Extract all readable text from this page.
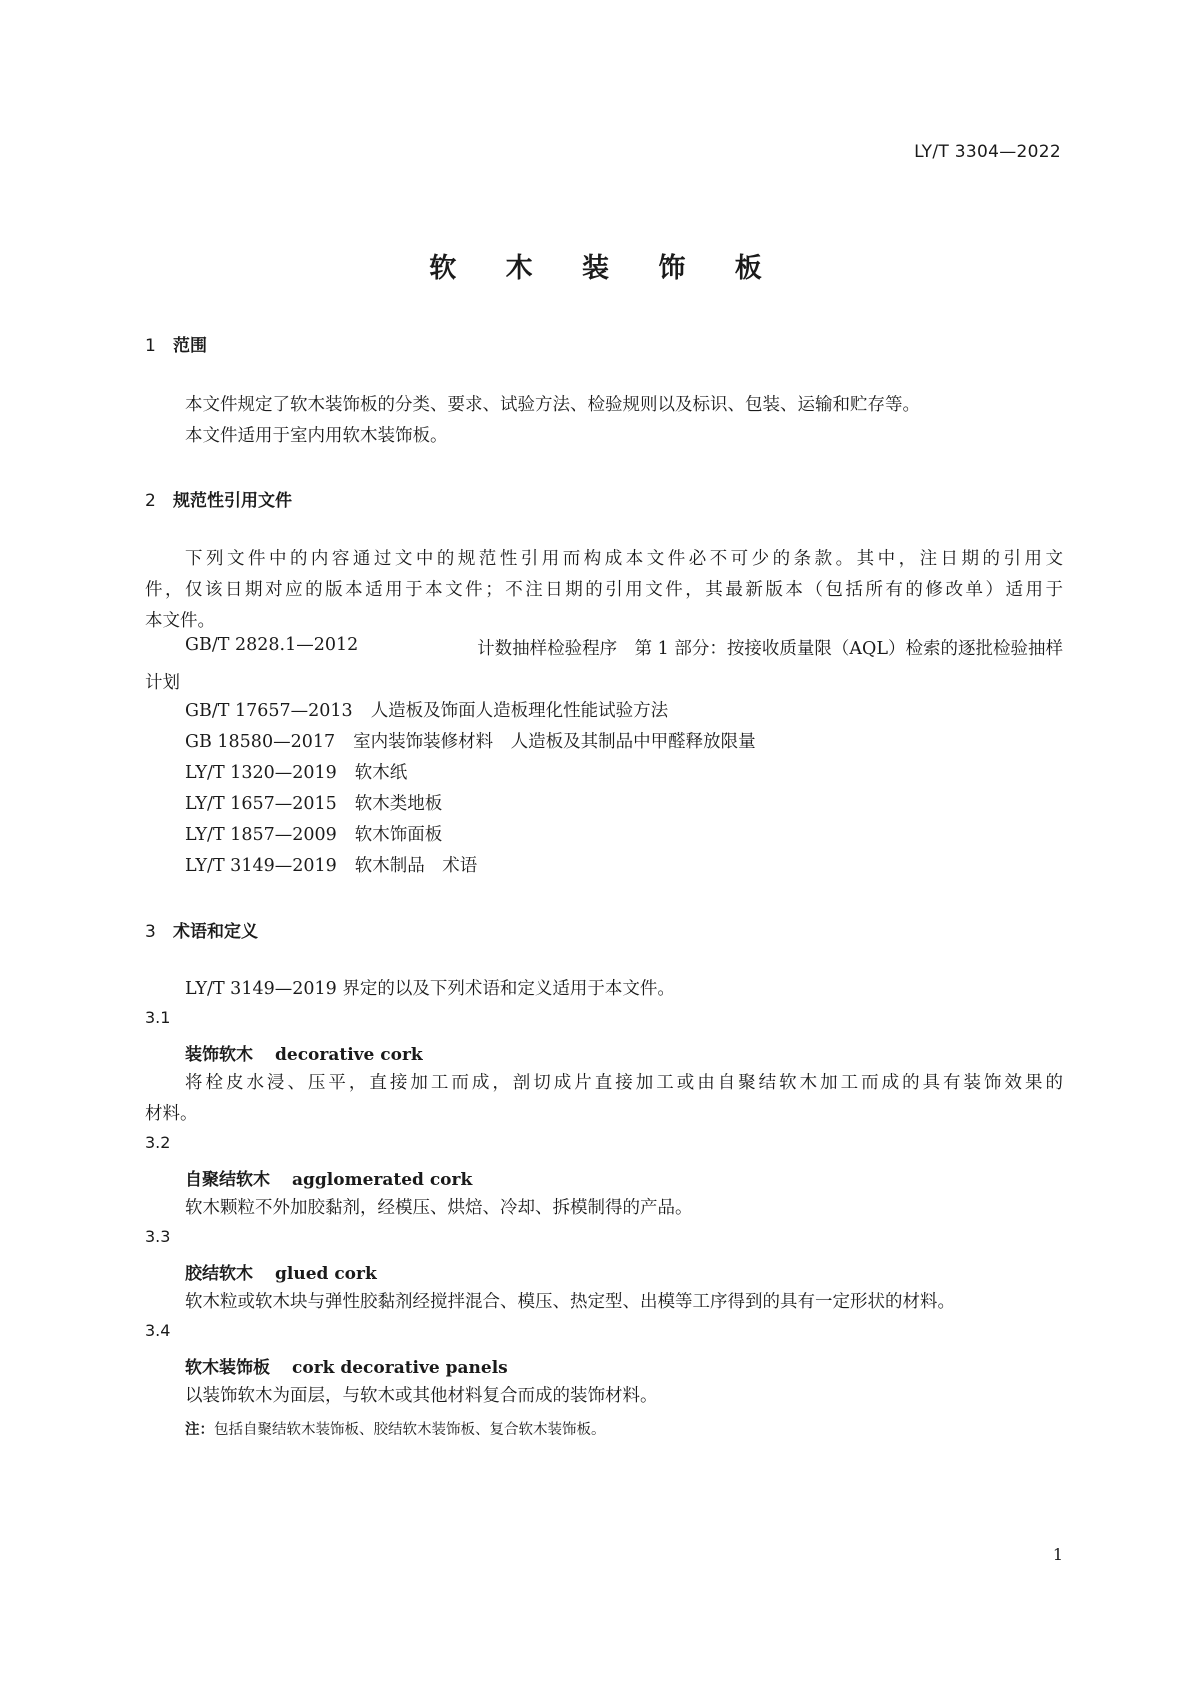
LY/T 3304—2022
软 木 装 饰 板
1 范围
本文件规定了软木装饰板的分类、要求、试验方法、检验规则以及标识、包装、运输和贮存等。
本文件适用于室内用软木装饰板。
2 规范性引用文件
下列文件中的内容通过文中的规范性引用而构成本文件必不可少的条款。其中，注日期的引用文
件，仅该日期对应的版本适用于本文件；不注日期的引用文件，其最新版本（包括所有的修改单）适用于
本文件。
GB/T 2828.1—2012	计数抽样检验程序　第 1 部分：按接收质量限（AQL）检索的逐批检验抽样
计划
GB/T 17657—2013 人造板及饰面人造板理化性能试验方法
GB 18580—2017 室内装饰装修材料　人造板及其制品中甲醛释放限量
LY/T 1320—2019 软木纸
LY/T 1657—2015 软木类地板
LY/T 1857—2009 软木饰面板
LY/T 3149—2019 软木制品　术语
3 术语和定义
LY/T 3149—2019 界定的以及下列术语和定义适用于本文件。
3.1
装饰软木 decorative cork
将栓皮水浸、压平，直接加工而成，剖切成片直接加工或由自聚结软木加工而成的具有装饰效果的
材料。
3.2
自聚结软木 agglomerated cork
软木颗粒不外加胶黏剂，经模压、烘焙、冷却、拆模制得的产品。
3.3
胶结软木 glued cork
软木粒或软木块与弹性胶黏剂经搅拌混合、模压、热定型、出模等工序得到的具有一定形状的材料。
3.4
软木装饰板 cork decorative panels
以装饰软木为面层，与软木或其他材料复合而成的装饰材料。
注：包括自聚结软木装饰板、胶结软木装饰板、复合软木装饰板。
1
